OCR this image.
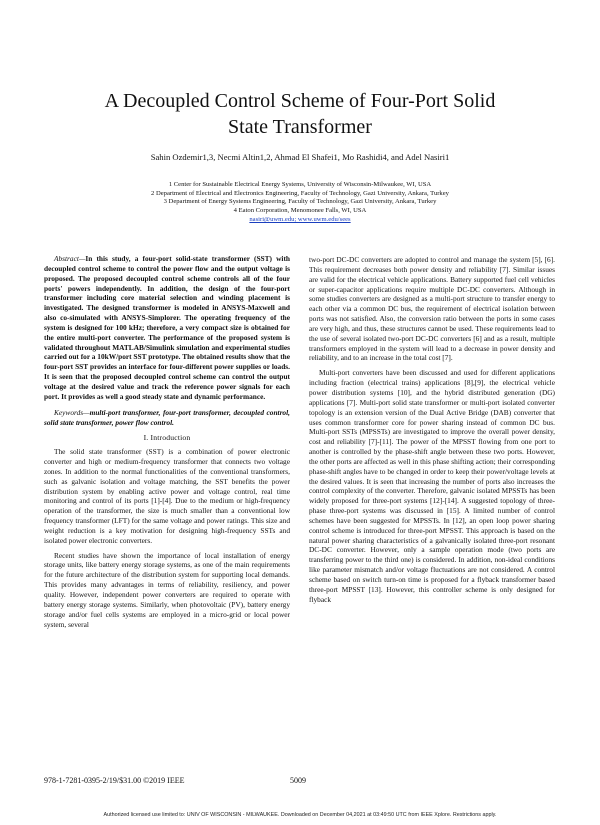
A Decoupled Control Scheme of Four-Port Solid
State Transformer
Sahin Ozdemir1,3, Necmi Altin1,2, Ahmad El Shafei1, Mo Rashidi4, and Adel Nasiri1
1 Center for Sustainable Electrical Energy Systems, University of Wisconsin-Milwaukee, WI, USA
2 Department of Electrical and Electronics Engineering, Faculty of Technology, Gazi University, Ankara, Turkey
3 Department of Energy Systems Engineering, Faculty of Technology, Gazi University, Ankara, Turkey
4 Eaton Corporation, Menomonee Falls, WI, USA
nasiri@uwm.edu; www.uwm.edu/sees
Abstract—In this study, a four-port solid-state transformer (SST) with decoupled control scheme to control the power flow and the output voltage is proposed. The proposed decoupled control scheme controls all of the four ports' powers independently. In addition, the design of the four-port transformer including core material selection and winding placement is investigated. The designed transformer is modeled in ANSYS-Maxwell and also co-simulated with ANSYS-Simplorer. The operating frequency of the system is designed for 100 kHz; therefore, a very compact size is obtained for the entire multi-port converter. The performance of the proposed system is validated throughout MATLAB/Simulink simulation and experimental studies carried out for a 10kW/port SST prototype. The obtained results show that the four-port SST provides an interface for four-different power supplies or loads. It is seen that the proposed decoupled control scheme can control the output voltage at the desired value and track the reference power signals for each port. It provides as well a good steady state and dynamic performance.
Keywords—multi-port transformer, four-port transformer, decoupled control, solid state transformer, power flow control.
I. Introduction

The solid state transformer (SST) is a combination of power electronic converter and high or medium-frequency transformer that connects two voltage zones. In addition to the normal functionalities of the conventional transformers, such as galvanic isolation and voltage matching, the SST benefits the power distribution system by enabling active power and voltage control, real time monitoring and control of its ports [1]-[4]. Due to the medium or high-frequency operation of the transformer, the size is much smaller than a conventional low frequency transformer (LFT) for the same voltage and power ratings. This size and weight reduction is a key motivation for designing high-frequency SSTs and isolated power electronic converters.

Recent studies have shown the importance of local installation of energy storage units, like battery energy storage systems, as one of the main requirements for the future architecture of the distribution system for supporting local demands. This provides many advantages in terms of reliability, resiliency, and power quality. However, independent power converters are required to operate with battery energy storage systems. Similarly, when photovoltaic (PV), battery energy storage and/or fuel cells systems are employed in a micro-grid or local power system, several

two-port DC-DC converters are adopted to control and manage the system [5], [6]. This requirement decreases both power density and reliability [7]. Similar issues are valid for the electrical vehicle applications. Battery supported fuel cell vehicles or super-capacitor applications require multiple DC-DC converters. Although in some studies converters are designed as a multi-port structure to transfer energy to each other via a common DC bus, the requirement of electrical isolation between ports was not satisfied. Also, the conversion ratio between the ports in some cases are very high, and thus, these structures cannot be used. These requirements lead to the use of several isolated two-port DC-DC converters [6] and as a result, multiple transformers employed in the system will lead to a decrease in power density and reliability, and to an increase in the total cost [7].

Multi-port converters have been discussed and used for different applications including fraction (electrical trains) applications [8],[9], the electrical vehicle power distribution systems [10], and the hybrid distributed generation (DG) applications [7]. Multi-port solid state transformer or multi-port isolated converter topology is an extension version of the Dual Active Bridge (DAB) converter that uses common transformer core for power sharing instead of common DC bus. Multi-port SSTs (MPSSTs) are investigated to improve the overall power density, cost and reliability [7]-[11]. The power of the MPSST flowing from one port to another is controlled by the phase-shift angle between these two ports. However, the other ports are affected as well in this phase shifting action; their corresponding phase-shift angles have to be changed in order to keep their power/voltage levels at the desired values. It is seen that increasing the number of ports also increases the control complexity of the converter. Therefore, galvanic isolated MPSSTs has been widely proposed for three-port systems [12]-[14]. A suggested topology of three-phase three-port systems was discussed in [15]. A limited number of control schemes have been suggested for MPSSTs. In [12], an open loop power sharing control scheme is introduced for three-port MPSST. This approach is based on the natural power sharing characteristics of a galvanically isolated three-port resonant DC-DC converter. However, only a sample operation mode (two ports are transferring power to the third one) is considered. In addition, non-ideal conditions like parameter mismatch and/or voltage fluctuations are not considered. A control scheme based on switch turn-on time is proposed for a flyback transformer based three-port MPSST [13]. However, this controller scheme is only designed for flyback

978-1-7281-0395-2/19/$31.00 ©2019 IEEE	5009
Authorized licensed use limited to: UNIV OF WISCONSIN - MILWAUKEE. Downloaded on December 04,2021 at 03:49:50 UTC from IEEE Xplore. Restrictions apply.
